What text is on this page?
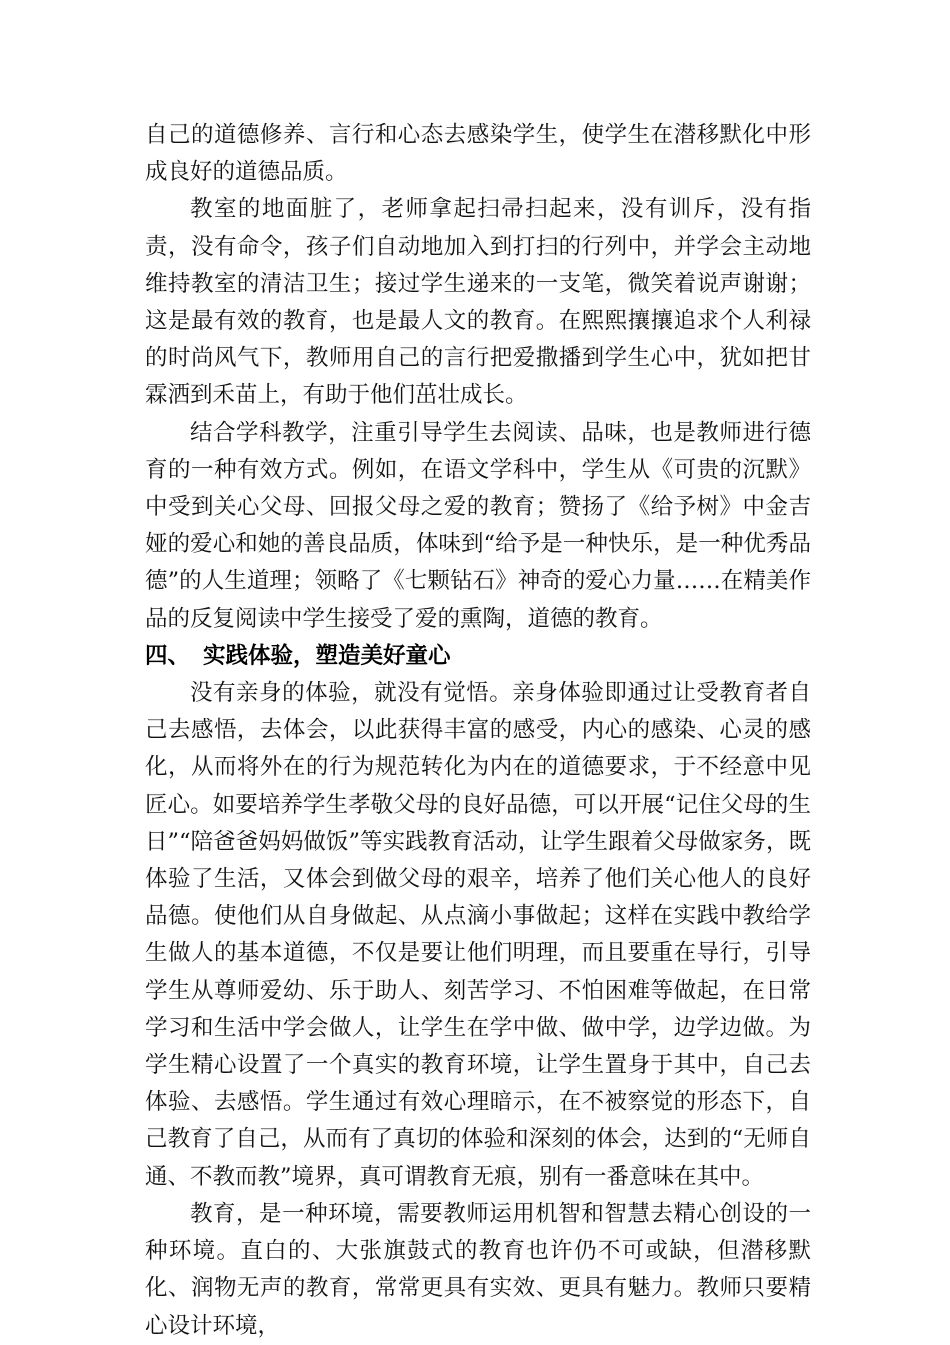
自己的道德修养、言行和心态去感染学生，使学生在潜移默化中形成良好的道德品质。

教室的地面脏了，老师拿起扫帚扫起来，没有训斥，没有指责，没有命令，孩子们自动地加入到打扫的行列中，并学会主动地维持教室的清洁卫生；接过学生递来的一支笔，微笑着说声谢谢；这是最有效的教育，也是最人文的教育。在熙熙攘攘追求个人利禄的时尚风气下，教师用自己的言行把爱撒播到学生心中，犹如把甘霖洒到禾苗上，有助于他们茁壮成长。

结合学科教学，注重引导学生去阅读、品味，也是教师进行德育的一种有效方式。例如，在语文学科中，学生从《可贵的沉默》中受到关心父母、回报父母之爱的教育；赞扬了《给予树》中金吉娅的爱心和她的善良品质，体味到“给予是一种快乐，是一种优秀品德”的人生道理；领略了《七颗钻石》神奇的爱心力量……在精美作品的反复阅读中学生接受了爱的熏陶，道德的教育。

四、 实践体验，塑造美好童心

没有亲身的体验，就没有觉悟。亲身体验即通过让受教育者自己去感悟，去体会，以此获得丰富的感受，内心的感染、心灵的感化，从而将外在的行为规范转化为内在的道德要求，于不经意中见匠心。如要培养学生孝敬父母的良好品德，可以开展“记住父母的生日”“陪爸爸妈妈做饭”等实践教育活动，让学生跟着父母做家务，既体验了生活，又体会到做父母的艰辛，培养了他们关心他人的良好品德。使他们从自身做起、从点滴小事做起；这样在实践中教给学生做人的基本道德，不仅是要让他们明理，而且要重在导行，引导学生从尊师爱幼、乐于助人、刻苦学习、不怕困难等做起，在日常学习和生活中学会做人，让学生在学中做、做中学，边学边做。为学生精心设置了一个真实的教育环境，让学生置身于其中，自己去体验、去感悟。学生通过有效心理暗示，在不被察觉的形态下，自己教育了自己，从而有了真切的体验和深刻的体会，达到的“无师自通、不教而教”境界，真可谓教育无痕，别有一番意味在其中。

教育，是一种环境，需要教师运用机智和智慧去精心创设的一种环境。直白的、大张旗鼓式的教育也许仍不可或缺，但潜移默化、润物无声的教育，常常更具有实效、更具有魅力。教师只要精心设计环境，
